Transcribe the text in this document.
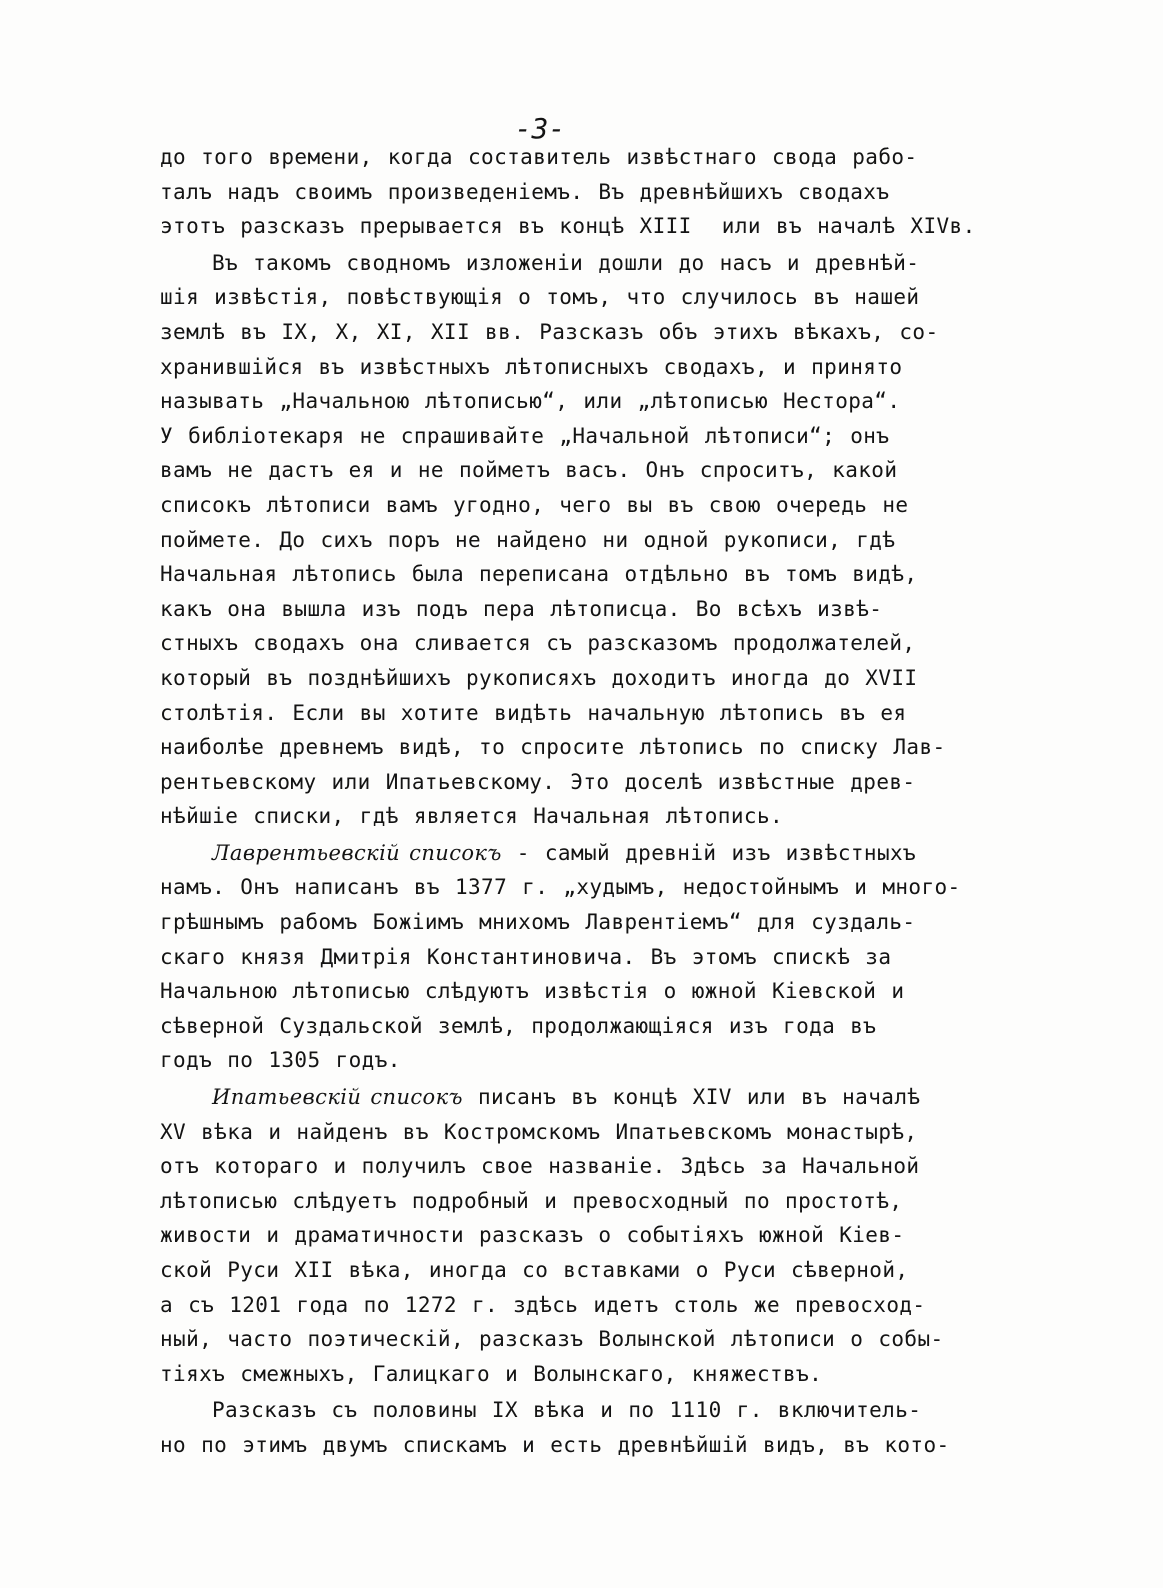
-3-
до того времени, когда составитель извѣстнаго свода рабо-
талъ надъ своимъ произведенiемъ. Въ древнѣйшихъ сводахъ
этотъ разсказъ прерывается въ концѣ XIII  или въ началѣ XIVв.
Въ такомъ сводномъ изложенiи дошли до насъ и древнѣй-
шiя извѣстiя, повѣствующiя о томъ, что случилось въ нашей
землѣ въ IX, X, XI, XII вв. Разсказъ объ этихъ вѣкахъ, со-
хранившiйся въ извѣстныхъ лѣтописныхъ сводахъ, и принято
называть „Начальною лѣтописью“, или „лѣтописью Нестора“.
У библiотекаря не спрашивайте „Начальной лѣтописи“; онъ
вамъ не дастъ ея и не пойметъ васъ. Онъ спроситъ, какой
списокъ лѣтописи вамъ угодно, чего вы въ свою очередь не
поймете. До сихъ поръ не найдено ни одной рукописи, гдѣ
Начальная лѣтопись была переписана отдѣльно въ томъ видѣ,
какъ она вышла изъ подъ пера лѣтописца. Во всѣхъ извѣ-
стныхъ сводахъ она сливается съ разсказомъ продолжателей,
который въ позднѣйшихъ рукописяхъ доходитъ иногда до XVII
столѣтiя. Если вы хотите видѣть начальную лѣтопись въ ея
наиболѣе древнемъ видѣ, то спросите лѣтопись по списку Лав-
рентьевскому или Ипатьевскому. Это доселѣ извѣстные древ-
нѣйшiе списки, гдѣ является Начальная лѣтопись.
Лаврентьевскiй списокъ - самый древнiй изъ извѣстныхъ
намъ. Онъ написанъ въ 1377 г. „худымъ, недостойнымъ и много-
грѣшнымъ рабомъ Божiимъ мнихомъ Лаврентiемъ“ для суздаль-
скаго князя Дмитрiя Константиновича. Въ этомъ спискѣ за
Начальною лѣтописью слѣдуютъ извѣстiя о южной Кiевской и
сѣверной Суздальской землѣ, продолжающiяся изъ года въ
годъ по 1305 годъ.
Ипатьевскiй списокъ писанъ въ концѣ XIV или въ началѣ
XV вѣка и найденъ въ Костромскомъ Ипатьевскомъ монастырѣ,
отъ котораго и получилъ свое названiе. Здѣсь за Начальной
лѣтописью слѣдуетъ подробный и превосходный по простотѣ,
живости и драматичности разсказъ о событiяхъ южной Кiев-
ской Руси XII вѣка, иногда со вставками о Руси сѣверной,
а съ 1201 года по 1272 г. здѣсь идетъ столь же превосход-
ный, часто поэтическiй, разсказъ Волынской лѣтописи о собы-
тiяхъ смежныхъ, Галицкаго и Волынскаго, княжествъ.
Разсказъ съ половины IX вѣка и по 1110 г. включитель-
но по этимъ двумъ спискамъ и есть древнѣйшiй видъ, въ кото-
